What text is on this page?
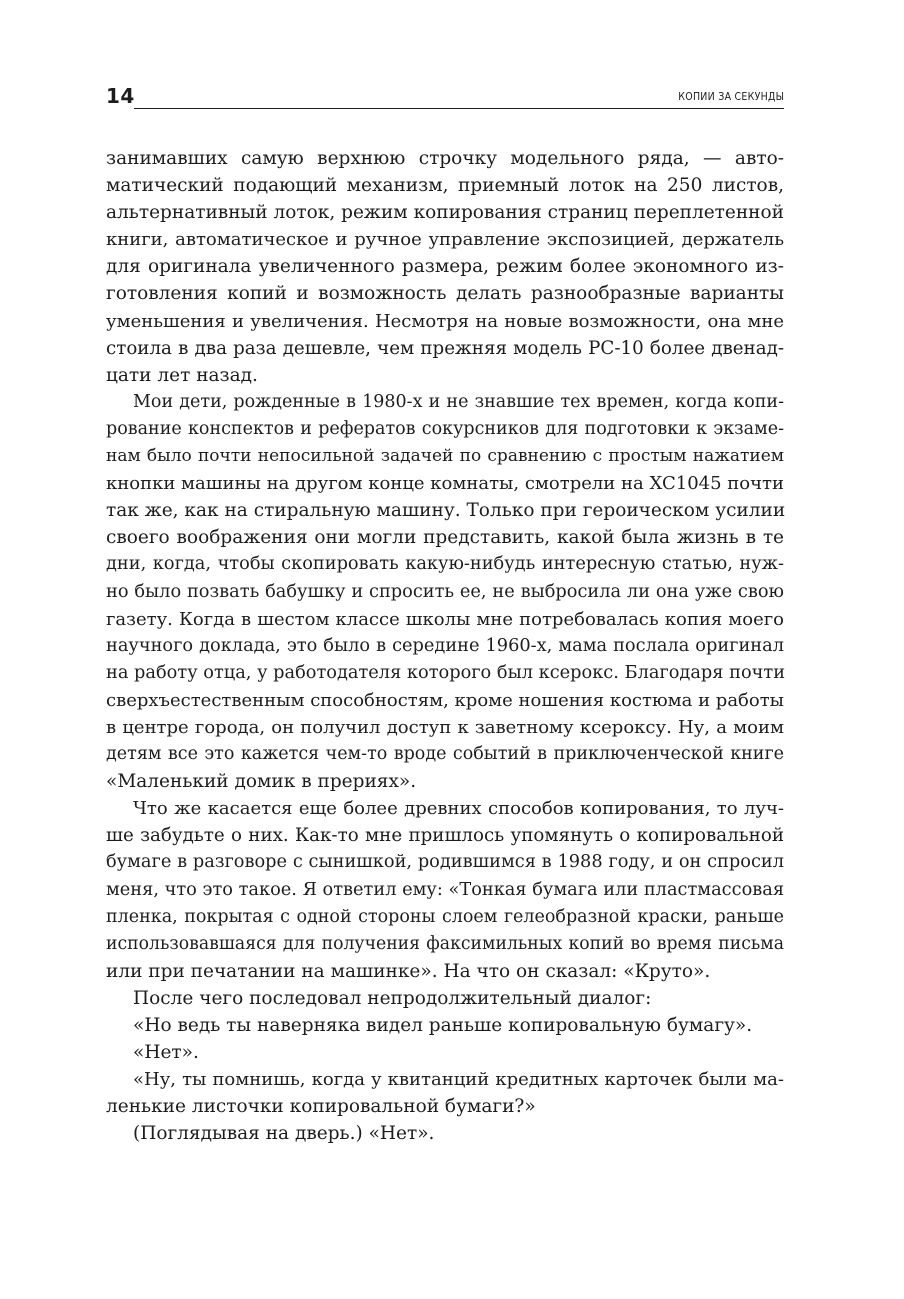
14	КОПИИ ЗА СЕКУНДЫ
занимавших самую верхнюю строчку модельного ряда, — авто-
матический подающий механизм, приемный лоток на 250 листов,
альтернативный лоток, режим копирования страниц переплетенной
книги, автоматическое и ручное управление экспозицией, держатель
для оригинала увеличенного размера, режим более экономного из-
готовления копий и возможность делать разнообразные варианты
уменьшения и увеличения. Несмотря на новые возможности, она мне
стоила в два раза дешевле, чем прежняя модель PC-10 более двенад-
цати лет назад.
Мои дети, рожденные в 1980-х и не знавшие тех времен, когда копи-
рование конспектов и рефератов сокурсников для подготовки к экзаме-
нам было почти непосильной задачей по сравнению с простым нажатием
кнопки машины на другом конце комнаты, смотрели на XC1045 почти
так же, как на стиральную машину. Только при героическом усилии
своего воображения они могли представить, какой была жизнь в те
дни, когда, чтобы скопировать какую-нибудь интересную статью, нуж-
но было позвать бабушку и спросить ее, не выбросила ли она уже свою
газету. Когда в шестом классе школы мне потребовалась копия моего
научного доклада, это было в середине 1960-х, мама послала оригинал
на работу отца, у работодателя которого был ксерокс. Благодаря почти
сверхъестественным способностям, кроме ношения костюма и работы
в центре города, он получил доступ к заветному ксероксу. Ну, а моим
детям все это кажется чем-то вроде событий в приключенческой книге
«Маленький домик в прериях».
Что же касается еще более древних способов копирования, то луч-
ше забудьте о них. Как-то мне пришлось упомянуть о копировальной
бумаге в разговоре с сынишкой, родившимся в 1988 году, и он спросил
меня, что это такое. Я ответил ему: «Тонкая бумага или пластмассовая
пленка, покрытая с одной стороны слоем гелеобразной краски, раньше
использовавшаяся для получения факсимильных копий во время письма
или при печатании на машинке». На что он сказал: «Круто».
После чего последовал непродолжительный диалог:
«Но ведь ты наверняка видел раньше копировальную бумагу».
«Нет».
«Ну, ты помнишь, когда у квитанций кредитных карточек были ма-
ленькие листочки копировальной бумаги?»
(Поглядывая на дверь.) «Нет».
